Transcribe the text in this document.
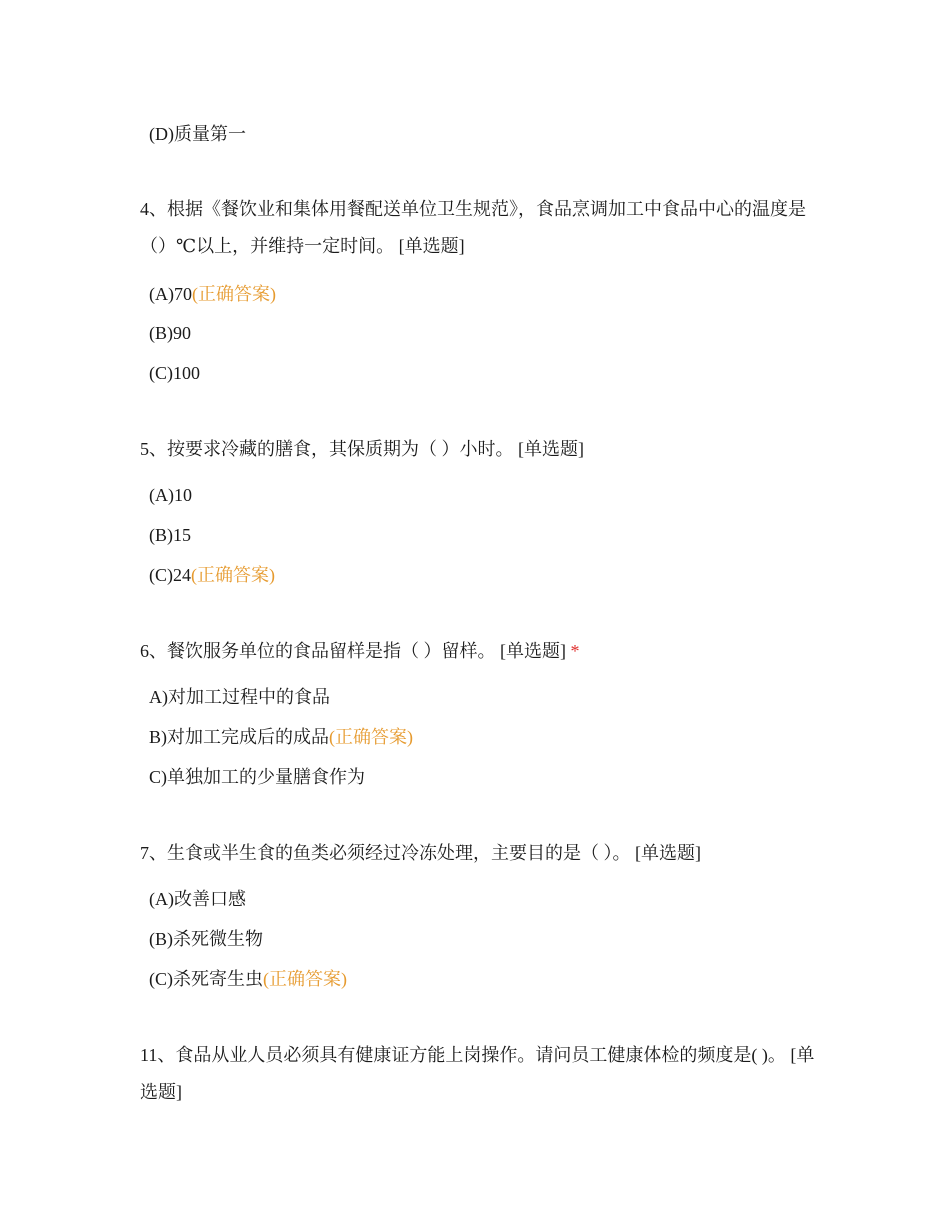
(D)质量第一
4、根据《餐饮业和集体用餐配送单位卫生规范》，食品烹调加工中食品中心的温度是（）℃以上，并维持一定时间。 [单选题]
(A)70(正确答案)
(B)90
(C)100
5、按要求冷藏的膳食，其保质期为（ ）小时。 [单选题]
(A)10
(B)15
(C)24(正确答案)
6、餐饮服务单位的食品留样是指（ ）留样。 [单选题] *
A)对加工过程中的食品
B)对加工完成后的成品(正确答案)
C)单独加工的少量膳食作为
7、生食或半生食的鱼类必须经过冷冻处理，主要目的是（ ）。 [单选题]
(A)改善口感
(B)杀死微生物
(C)杀死寄生虫(正确答案)
11、食品从业人员必须具有健康证方能上岗操作。请问员工健康体检的频度是( )。 [单选题]
